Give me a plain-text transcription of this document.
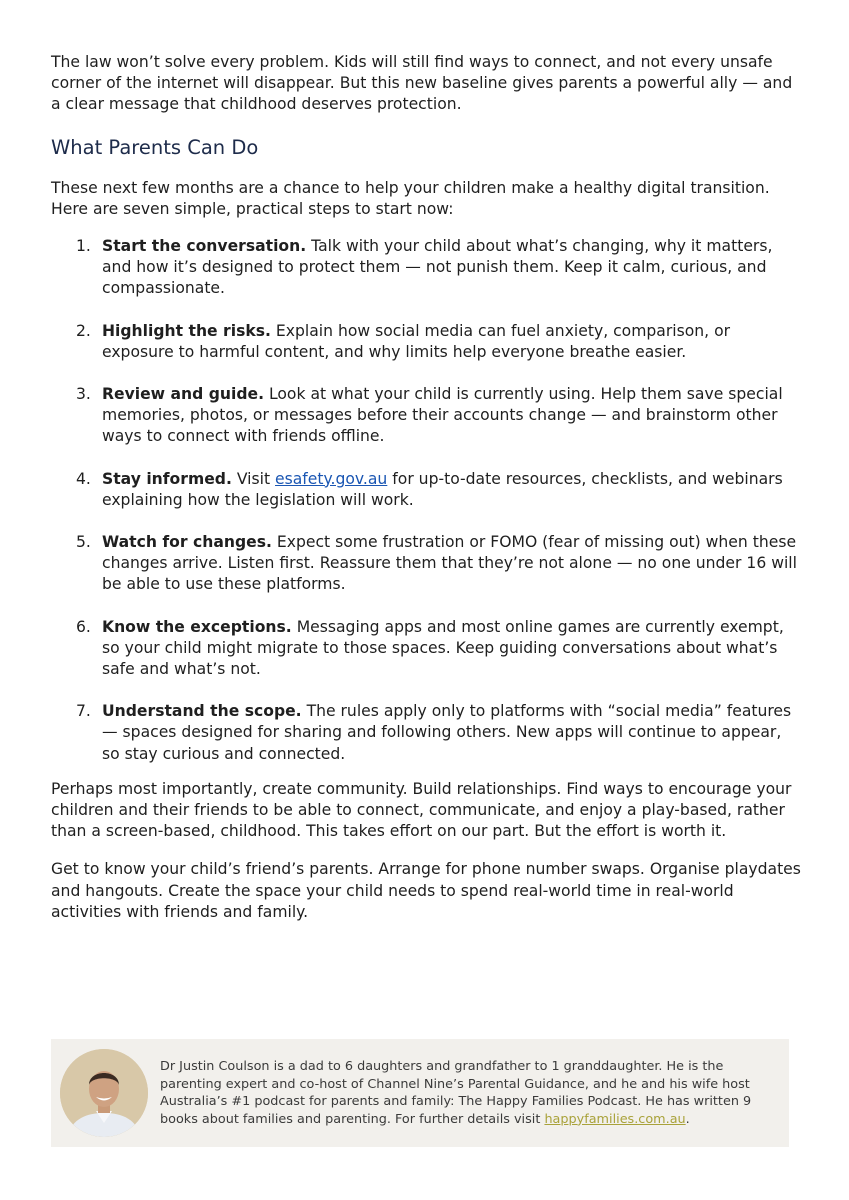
The law won’t solve every problem. Kids will still find ways to connect, and not every unsafe corner of the internet will disappear. But this new baseline gives parents a powerful ally — and a clear message that childhood deserves protection.

What Parents Can Do

These next few months are a chance to help your children make a healthy digital transition. Here are seven simple, practical steps to start now:

1. Start the conversation. Talk with your child about what’s changing, why it matters, and how it’s designed to protect them — not punish them. Keep it calm, curious, and compassionate.
2. Highlight the risks. Explain how social media can fuel anxiety, comparison, or exposure to harmful content, and why limits help everyone breathe easier.
3. Review and guide. Look at what your child is currently using. Help them save special memories, photos, or messages before their accounts change — and brainstorm other ways to connect with friends offline.
4. Stay informed. Visit esafety.gov.au for up-to-date resources, checklists, and webinars explaining how the legislation will work.
5. Watch for changes. Expect some frustration or FOMO (fear of missing out) when these changes arrive. Listen first. Reassure them that they’re not alone — no one under 16 will be able to use these platforms.
6. Know the exceptions. Messaging apps and most online games are currently exempt, so your child might migrate to those spaces. Keep guiding conversations about what’s safe and what’s not.
7. Understand the scope. The rules apply only to platforms with “social media” features — spaces designed for sharing and following others. New apps will continue to appear, so stay curious and connected.

Perhaps most importantly, create community. Build relationships. Find ways to encourage your children and their friends to be able to connect, communicate, and enjoy a play-based, rather than a screen-based, childhood. This takes effort on our part. But the effort is worth it.

Get to know your child’s friend’s parents. Arrange for phone number swaps. Organise playdates and hangouts. Create the space your child needs to spend real-world time in real-world activities with friends and family.

Dr Justin Coulson is a dad to 6 daughters and grandfather to 1 granddaughter. He is the parenting expert and co-host of Channel Nine’s Parental Guidance, and he and his wife host Australia’s #1 podcast for parents and family: The Happy Families Podcast. He has written 9 books about families and parenting. For further details visit happyfamilies.com.au.
